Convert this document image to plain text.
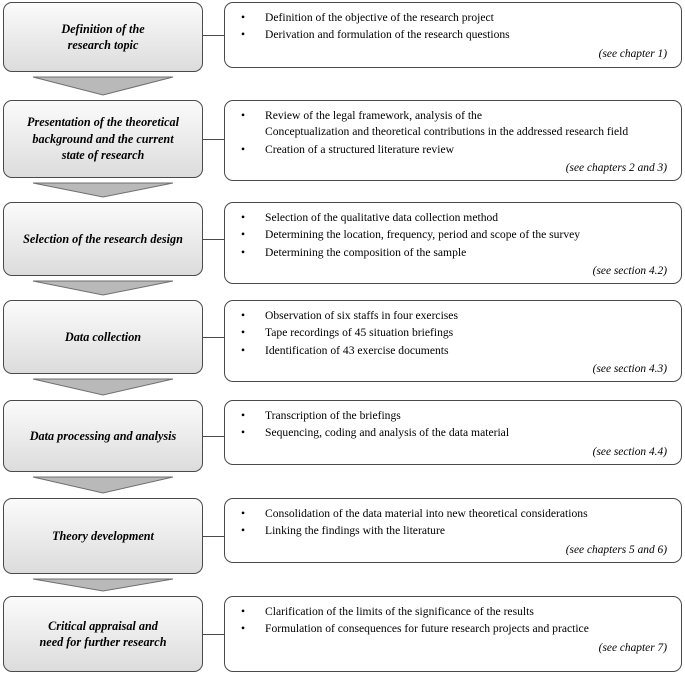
Definition of the
research topic
• Definition of the objective of the research project
• Derivation and formulation of the research questions
(see chapter 1)
Presentation of the theoretical
background and the current
state of research
• Review of the legal framework, analysis of the
Conceptualization and theoretical contributions in the addressed research field
• Creation of a structured literature review
(see chapters 2 and 3)
Selection of the research design
• Selection of the qualitative data collection method
• Determining the location, frequency, period and scope of the survey
• Determining the composition of the sample
(see section 4.2)
Data collection
• Observation of six staffs in four exercises
• Tape recordings of 45 situation briefings
• Identification of 43 exercise documents
(see section 4.3)
Data processing and analysis
• Transcription of the briefings
• Sequencing, coding and analysis of the data material
(see section 4.4)
Theory development
• Consolidation of the data material into new theoretical considerations
• Linking the findings with the literature
(see chapters 5 and 6)
Critical appraisal and
need for further research
• Clarification of the limits of the significance of the results
• Formulation of consequences for future research projects and practice
(see chapter 7)
